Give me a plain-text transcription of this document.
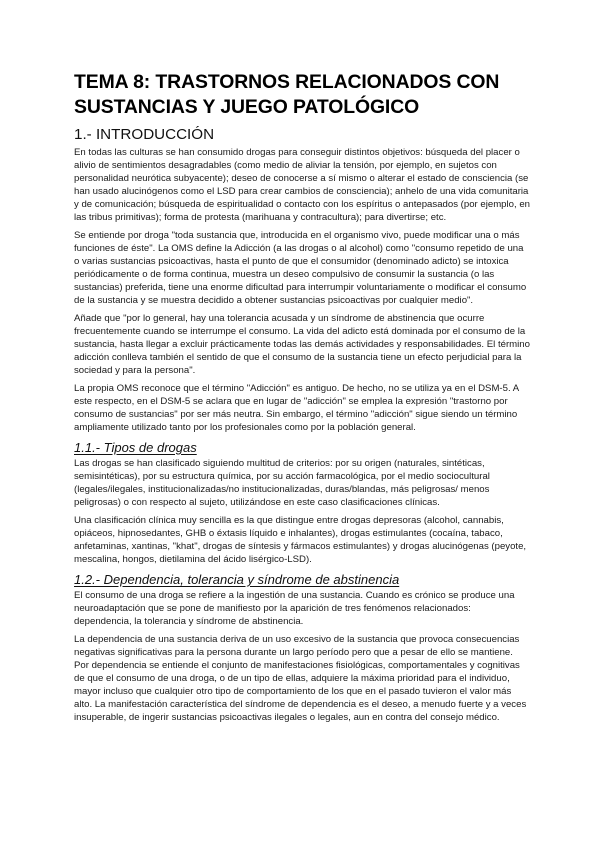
TEMA 8: TRASTORNOS RELACIONADOS CON SUSTANCIAS Y JUEGO PATOLÓGICO
1.- INTRODUCCIÓN

En todas las culturas se han consumido drogas para conseguir distintos objetivos: búsqueda del placer o alivio de sentimientos desagradables (como medio de aliviar la tensión, por ejemplo, en sujetos con personalidad neurótica subyacente); deseo de conocerse a sí mismo o alterar el estado de consciencia (se han usado alucinógenos como el LSD para crear cambios de consciencia); anhelo de una vida comunitaria y de comunicación; búsqueda de espiritualidad o contacto con los espíritus o antepasados (por ejemplo, en las tribus primitivas); forma de protesta (marihuana y contracultura); para divertirse; etc.

Se entiende por droga "toda sustancia que, introducida en el organismo vivo, puede modificar una o más funciones de éste". La OMS define la Adicción (a las drogas o al alcohol) como "consumo repetido de una o varias sustancias psicoactivas, hasta el punto de que el consumidor (denominado adicto) se intoxica periódicamente o de forma continua, muestra un deseo compulsivo de consumir la sustancia (o las sustancias) preferida, tiene una enorme dificultad para interrumpir voluntariamente o modificar el consumo de la sustancia y se muestra decidido a obtener sustancias psicoactivas por cualquier medio".

Añade que "por lo general, hay una tolerancia acusada y un síndrome de abstinencia que ocurre frecuentemente cuando se interrumpe el consumo. La vida del adicto está dominada por el consumo de la sustancia, hasta llegar a excluir prácticamente todas las demás actividades y responsabilidades. El término adicción conlleva también el sentido de que el consumo de la sustancia tiene un efecto perjudicial para la sociedad y para la persona".

La propia OMS reconoce que el término "Adicción" es antiguo. De hecho, no se utiliza ya en el DSM-5. A este respecto, en el DSM-5 se aclara que en lugar de "adicción" se emplea la expresión "trastorno por consumo de sustancias" por ser más neutra. Sin embargo, el término "adicción" sigue siendo un término ampliamente utilizado tanto por los profesionales como por la población general.

1.1.- Tipos de drogas

Las drogas se han clasificado siguiendo multitud de criterios: por su origen (naturales, sintéticas, semisintéticas), por su estructura química, por su acción farmacológica, por el medio sociocultural (legales/ilegales, institucionalizadas/no institucionalizadas, duras/blandas, más peligrosas/ menos peligrosas) o con respecto al sujeto, utilizándose en este caso clasificaciones clínicas.

Una clasificación clínica muy sencilla es la que distingue entre drogas depresoras (alcohol, cannabis, opiáceos, hipnosedantes, GHB o éxtasis líquido e inhalantes), drogas estimulantes (cocaína, tabaco, anfetaminas, xantinas, "khat", drogas de síntesis y fármacos estimulantes) y drogas alucinógenas (peyote, mescalina, hongos, dietilamina del ácido lisérgico-LSD).

1.2.- Dependencia, tolerancia y síndrome de abstinencia

El consumo de una droga se refiere a la ingestión de una sustancia. Cuando es crónico se produce una neuroadaptación que se pone de manifiesto por la aparición de tres fenómenos relacionados: dependencia, la tolerancia y síndrome de abstinencia.

La dependencia de una sustancia deriva de un uso excesivo de la sustancia que provoca consecuencias negativas significativas para la persona durante un largo período pero que a pesar de ello se mantiene. Por dependencia se entiende el conjunto de manifestaciones fisiológicas, comportamentales y cognitivas de que el consumo de una droga, o de un tipo de ellas, adquiere la máxima prioridad para el individuo, mayor incluso que cualquier otro tipo de comportamiento de los que en el pasado tuvieron el valor más alto. La manifestación característica del síndrome de dependencia es el deseo, a menudo fuerte y a veces insuperable, de ingerir sustancias psicoactivas ilegales o legales, aun en contra del consejo médico.
